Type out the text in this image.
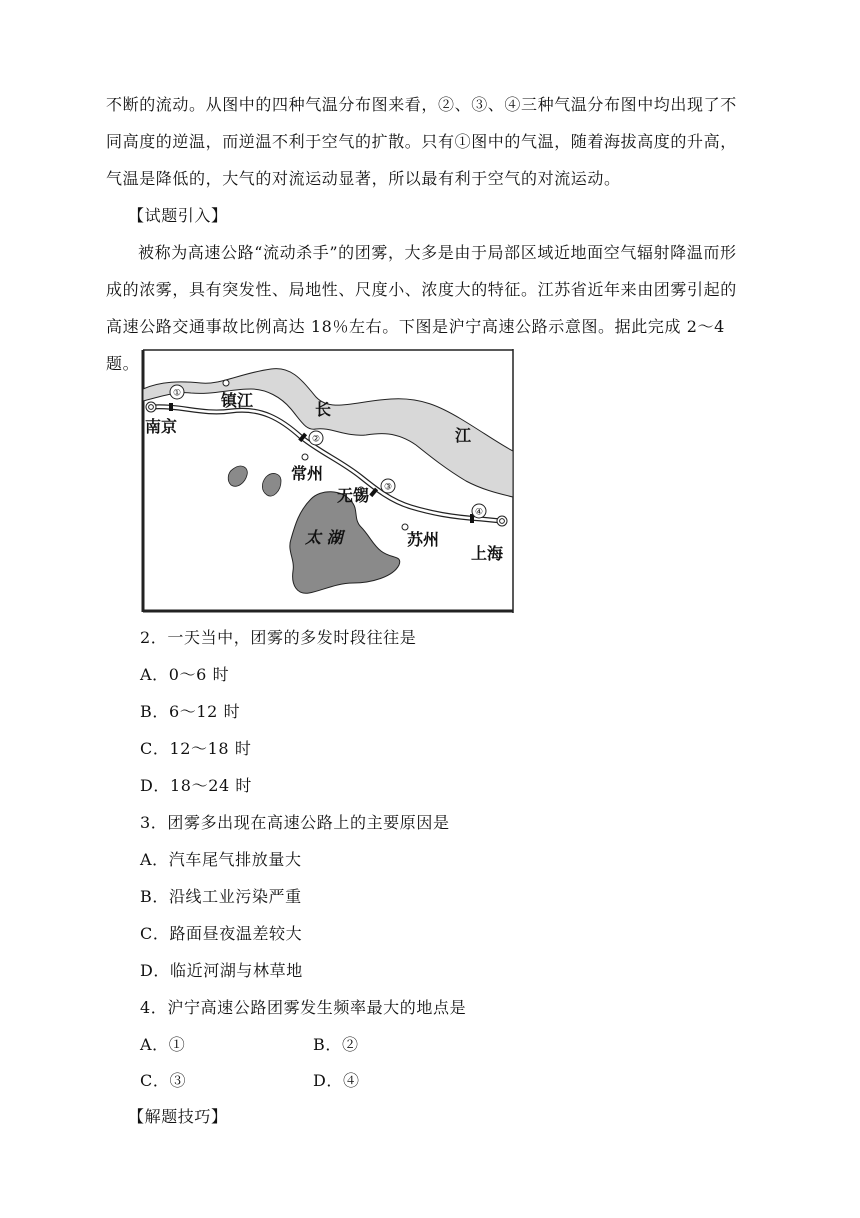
不断的流动。从图中的四种气温分布图来看，②、③、④三种气温分布图中均出现了不同高度的逆温，而逆温不利于空气的扩散。只有①图中的气温，随着海拔高度的升高，气温是降低的，大气的对流运动显著，所以最有利于空气的对流运动。

【试题引入】

被称为高速公路“流动杀手”的团雾，大多是由于局部区域近地面空气辐射降温而形成的浓雾，具有突发性、局地性、尺度小、浓度大的特征。江苏省近年来由团雾引起的高速公路交通事故比例高达 18％左右。下图是沪宁高速公路示意图。据此完成 2～4 题。

①
②
③
④
南京
镇江	长
江
常州
无锡
苏州
上海
太 湖
2．一天当中，团雾的多发时段往往是
A．0～6 时
B．6～12 时
C．12～18 时
D．18～24 时
3．团雾多出现在高速公路上的主要原因是
A．汽车尾气排放量大
B．沿线工业污染严重
C．路面昼夜温差较大
D．临近河湖与林草地
4．沪宁高速公路团雾发生频率最大的地点是
A．①	B．②
C．③	D．④
【解题技巧】
